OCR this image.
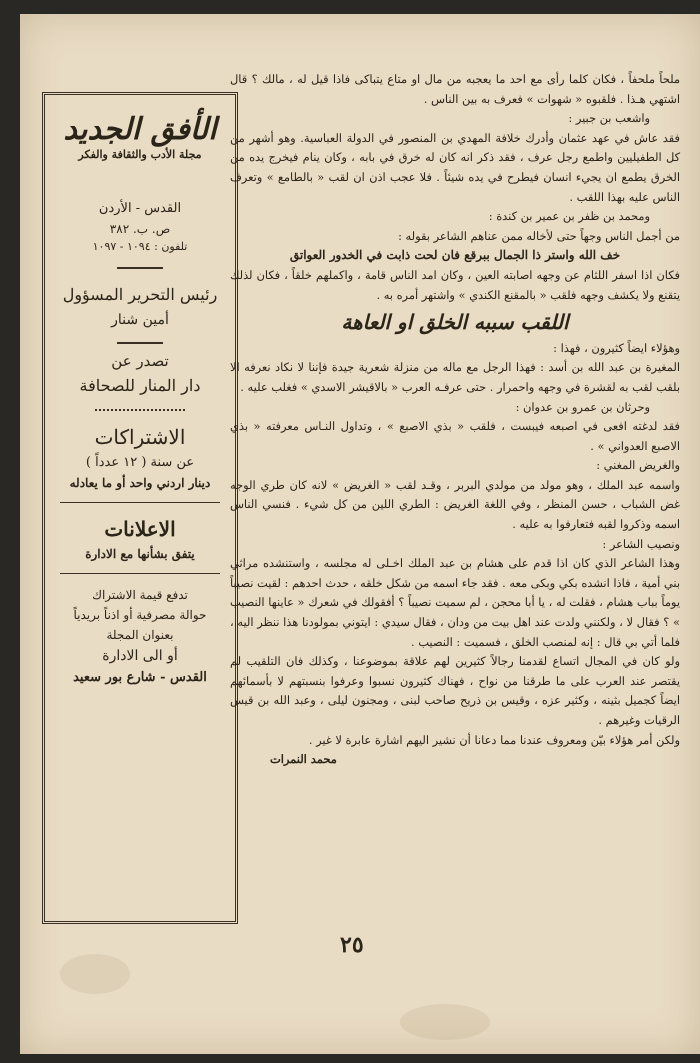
الأفق الجديد
مجلة الأدب والثقافة والفكر
القدس - الأردن
ص. ب. ٣٨٢
تلفون : ١٠٩٤ - ١٠٩٧
رئيس التحرير المسؤول
أمين شنار
تصدر عن
دار المنار للصحافة
الاشتراكات
عن سنة ( ١٢ عدداً )
دينار اردني واحد أو ما يعادله
الاعلانات
يتفق بشأنها مع الادارة
تدفع قيمة الاشتراك
حوالة مصرفية أو اذناً بريدياً
بعنوان المجلة
أو الى الادارة
القدس - شارع بور سعيد

ملحاً ملحفاً ، فكان كلما رأى مع احد ما يعجبه من مال او متاع يتباكى فاذا قيل له ، مالك ؟ قال اشتهي هـذا . فلقبوه « شهوات » فعرف به بين الناس .

واشعب بن جبير :

فقد عاش في عهد عثمان وأدرك خلافة المهدي بن المنصور في الدولة العباسية. وهو أشهر من كل الطفيليين واطمع رجل عرف ، فقد ذكر انه كان له خرق في بابه ، وكان ينام فيخرج يده من الخرق يطمع ان يجيء انسان فيطرح في يده شيئاً . فلا عجب اذن ان لقب « بالطامع » وتعرف الناس عليه بهذا اللقب .

ومحمد بن ظفر بن عمير بن كندة :

من أجمل الناس وجهاً حتى لأخاله ممن عناهم الشاعر بقوله :

خف الله واستر ذا الجمال ببرقع فان لحت ذابت في الخدور العواتق

فكان اذا اسفر اللثام عن وجهه اصابته العين ، وكان امد الناس قامة ، واكملهم خلقاً ، فكان لذلك يتقنع ولا يكشف وجهه فلقب « بالمقنع الكندي » واشتهر أمره به .

اللقب سببه الخلق او العاهة

وهؤلاء ايضاً كثيرون ، فهذا :

المغيرة بن عبد الله بن أسد : فهذا الرجل مع ماله من منزلة شعرية جيدة فإننا لا نكاد نعرفه الا بلقب لقب به لقشرة في وجهه واحمرار . حتى عرفـه العرب « بالاقيشر الاسدي » فغلب عليه .

وحرثان بن عمرو بن عدوان :

فقد لدغته افعى في اصبعه فيبست ، فلقب « بذي الاصبع » ، وتداول النـاس معرفته « بذي الاصبع العدواني » .

والغريض المغني :

واسمه عبد الملك ، وهو مولد من مولدي البربر ، وقـد لقب « الغريض » لانه كان طري الوجه غض الشباب ، حسن المنظر ، وفي اللغة الغريض : الطري اللين من كل شيء . فنسي الناس اسمه وذكروا لقبه فتعارفوا به عليه .

ونصيب الشاعر :

وهذا الشاعر الذي كان اذا قدم على هشام بن عبد الملك اخـلى له مجلسه ، واستنشده مراثي بني أمية ، فاذا انشده بكي وبكى معه . فقد جاء اسمه من شكل خلقه ، حدث احدهم : لقيت نصيباً يوماً بباب هشام ، فقلت له ، يا أبا محجن ، لم سميت نصيباً ؟ أفقولك في شعرك « عاينها النصيب » ؟ فقال لا ، ولكنني ولدت عند اهل بيت من ودان ، فقال سيدي : ايتوني بمولودنا هذا ننظر اليه ، فلما أتي بي قال : إنه لمنصب الخلق ، فسميت : النصيب .

ولو كان في المجال اتساع لقدمنا رجالاً كثيرين لهم علاقة بموضوعنا ، وكذلك فان التلقيب لم يقتصر عند العرب على ما طرقنا من نواح ، فهناك كثيرون نسبوا وعرفوا بنسبتهم لا بأسمائهم ايضاً كجميل بثينه ، وكثير عزه ، وقيس بن ذريح صاحب لبنى ، ومجنون ليلى ، وعبد الله بن قيس الرقيات وغيرهم .

ولكن أمر هؤلاء بيّن ومعروف عندنا مما دعانا أن نشير اليهم اشارة عابرة لا غير .

محمد النمرات

٢٥
